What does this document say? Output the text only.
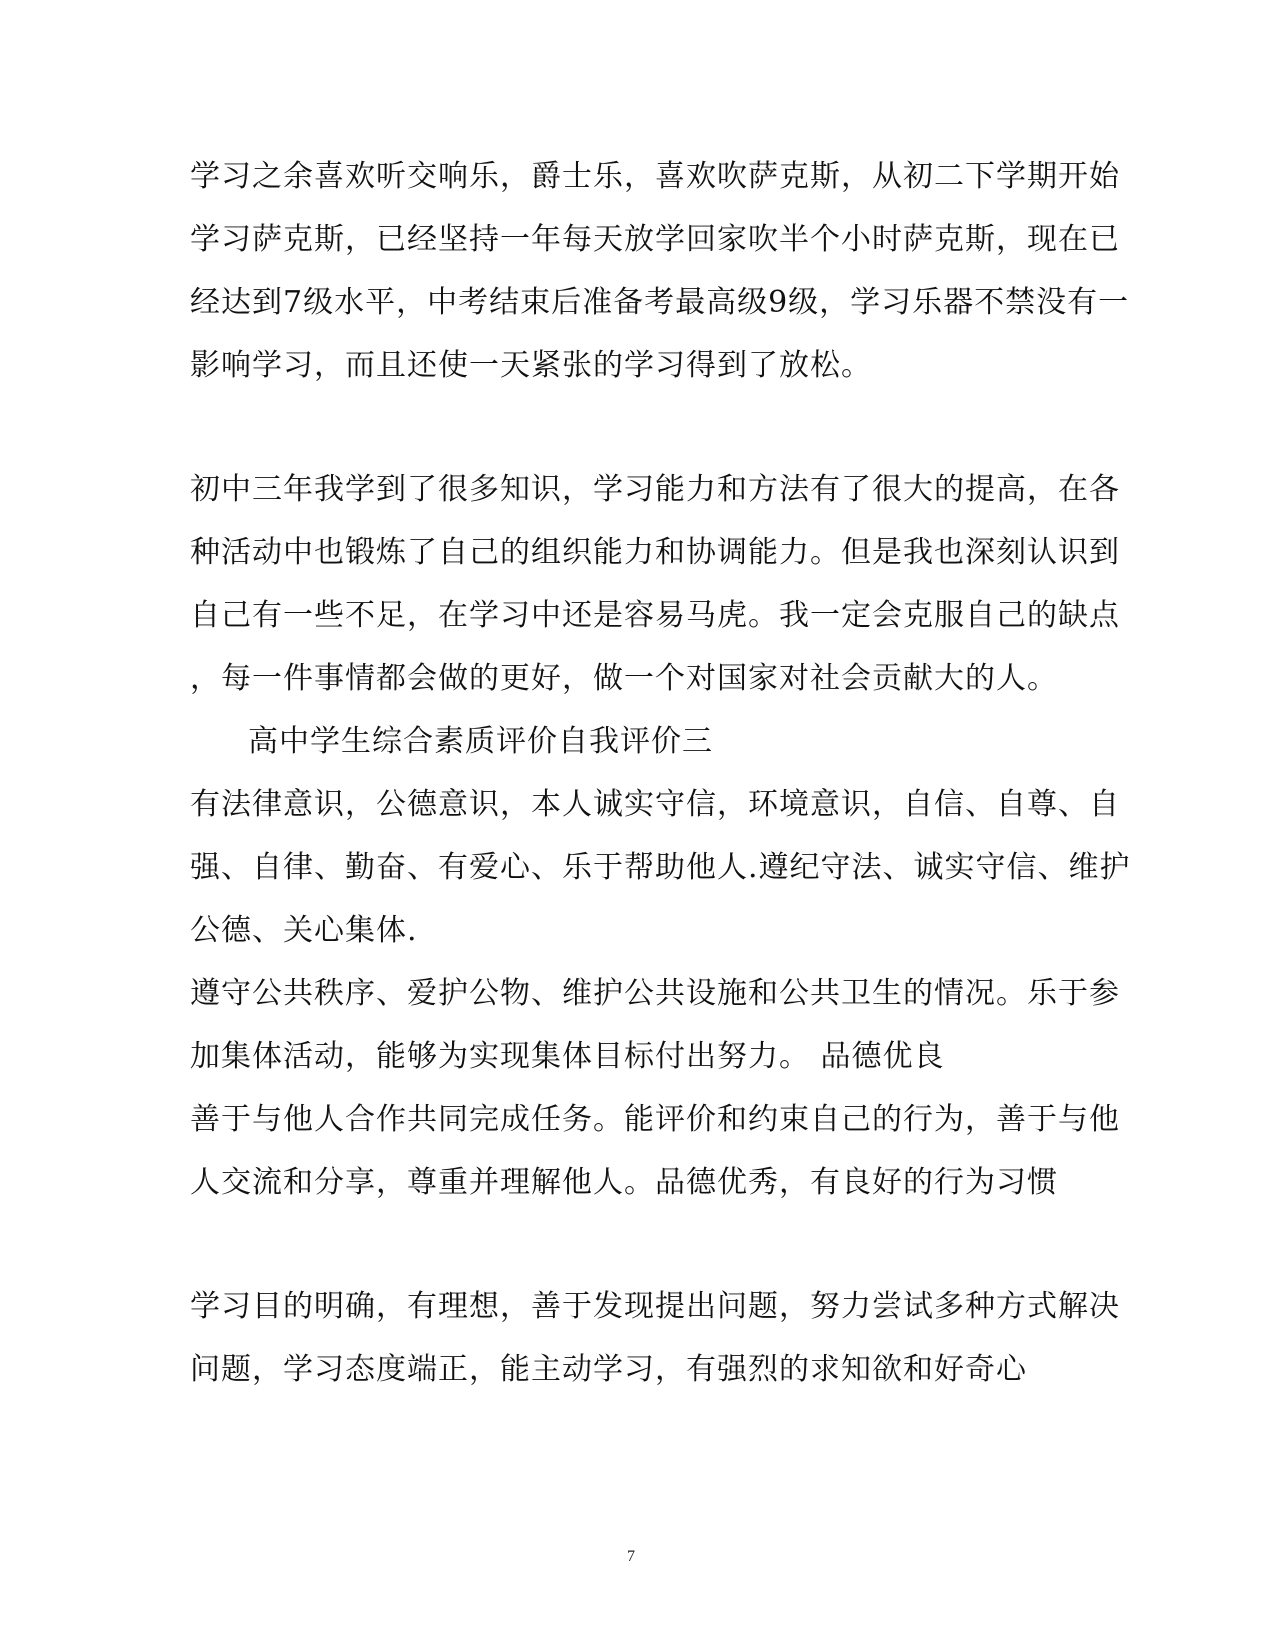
学习之余喜欢听交响乐，爵士乐，喜欢吹萨克斯，从初二下学期开始
学习萨克斯，已经坚持一年每天放学回家吹半个小时萨克斯，现在已
经达到7级水平，中考结束后准备考最高级9级，学习乐器不禁没有一
影响学习，而且还使一天紧张的学习得到了放松。
初中三年我学到了很多知识，学习能力和方法有了很大的提高，在各
种活动中也锻炼了自己的组织能力和协调能力。但是我也深刻认识到
自己有一些不足，在学习中还是容易马虎。我一定会克服自己的缺点
，每一件事情都会做的更好，做一个对国家对社会贡献大的人。
高中学生综合素质评价自我评价三
有法律意识，公德意识，本人诚实守信，环境意识，自信、自尊、自
强、自律、勤奋、有爱心、乐于帮助他人.遵纪守法、诚实守信、维护
公德、关心集体.
遵守公共秩序、爱护公物、维护公共设施和公共卫生的情况。乐于参
加集体活动，能够为实现集体目标付出努力。 品德优良
善于与他人合作共同完成任务。能评价和约束自己的行为，善于与他
人交流和分享，尊重并理解他人。品德优秀，有良好的行为习惯
学习目的明确，有理想，善于发现提出问题，努力尝试多种方式解决
问题，学习态度端正，能主动学习，有强烈的求知欲和好奇心
7
